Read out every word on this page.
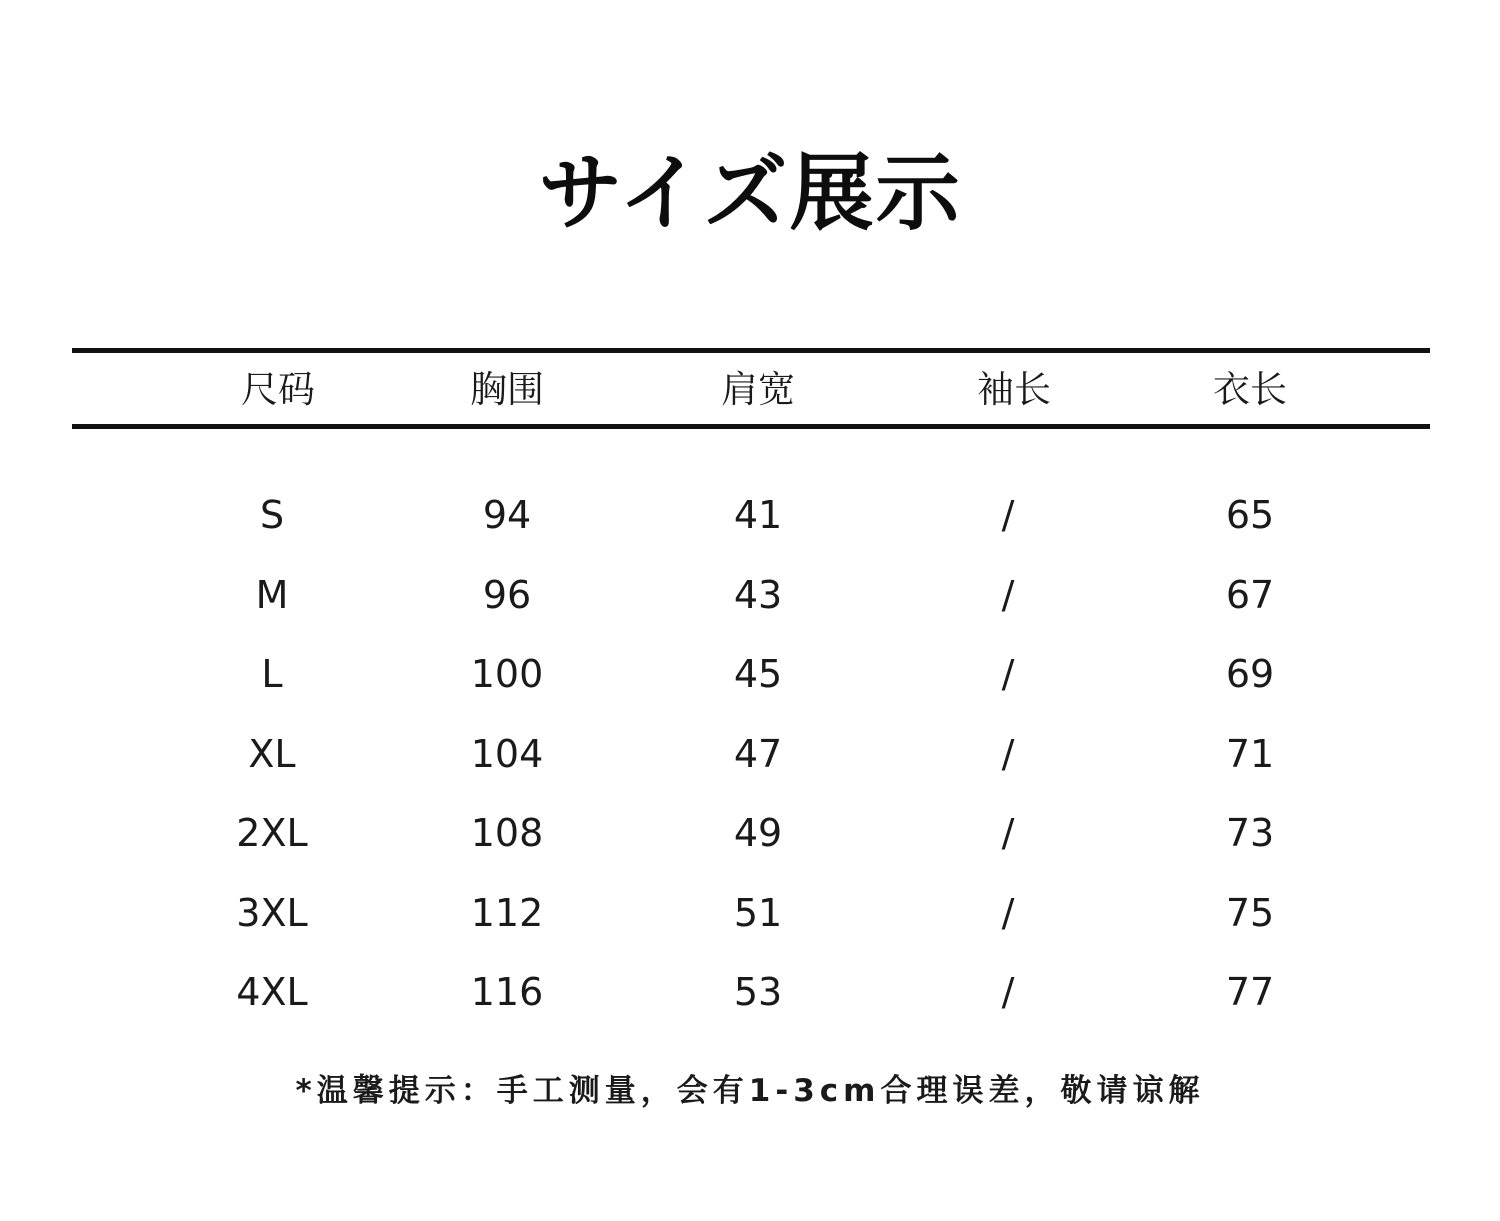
サイズ展示
尺码	胸围	肩宽	袖长	衣长
S	94	41	/	65
M	96	43	/	67
L	100	45	/	69
XL	104	47	/	71
2XL	108	49	/	73
3XL	112	51	/	75
4XL	116	53	/	77
*温馨提示：手工测量，会有1-3cm合理误差，敬请谅解
